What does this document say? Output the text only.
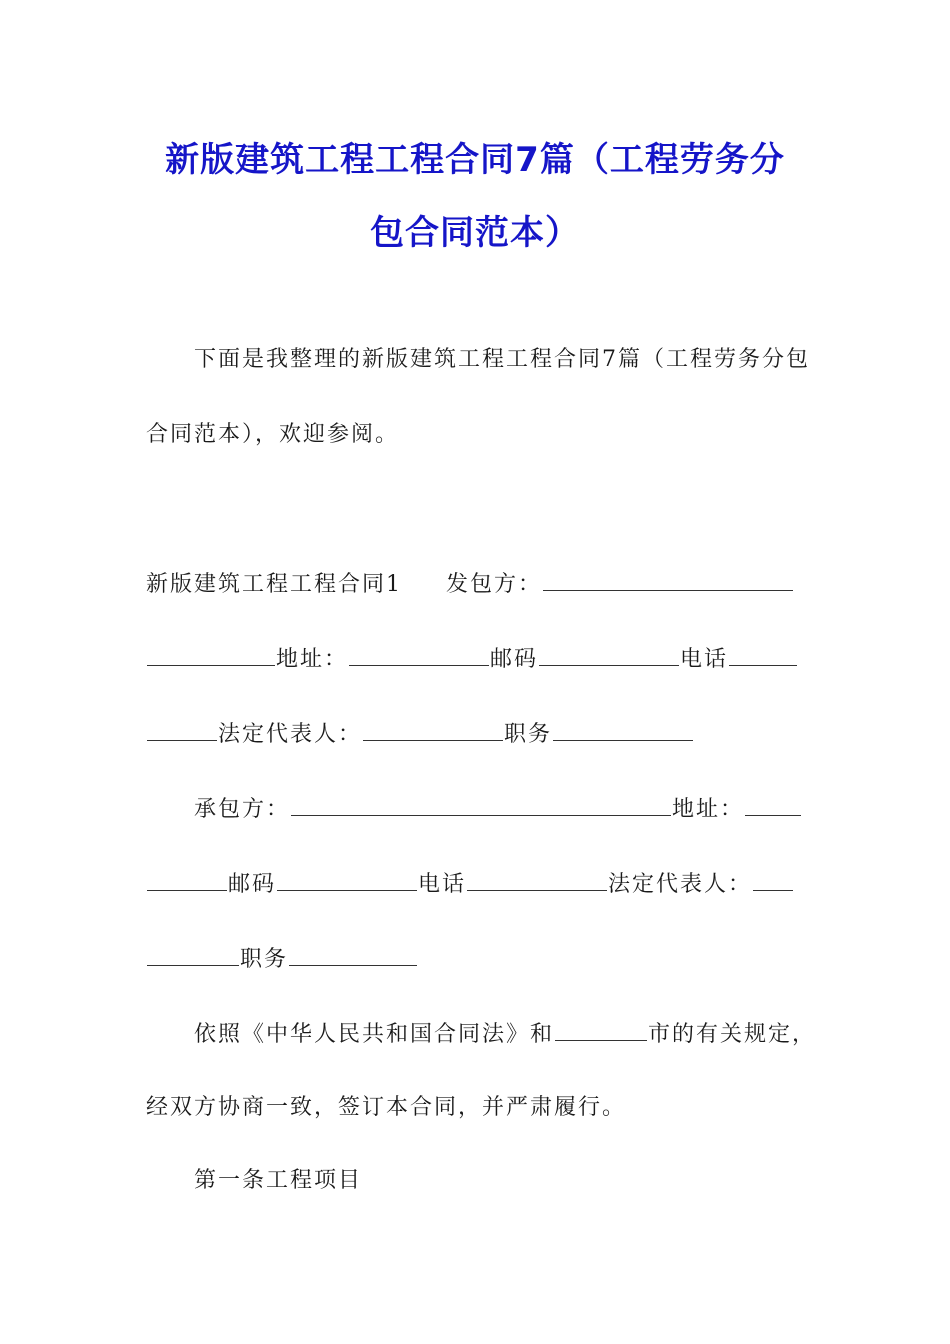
新版建筑工程工程合同7篇（工程劳务分
包合同范本）
下面是我整理的新版建筑工程工程合同7篇（工程劳务分包
合同范本），欢迎参阅。
新版建筑工程工程合同1 发包方：
地址：	邮码	电话
法定代表人：	职务
承包方：	地址：
邮码	电话	法定代表人：
职务
依照《中华人民共和国合同法》和	市的有关规定，
经双方协商一致，签订本合同，并严肃履行。
第一条工程项目
